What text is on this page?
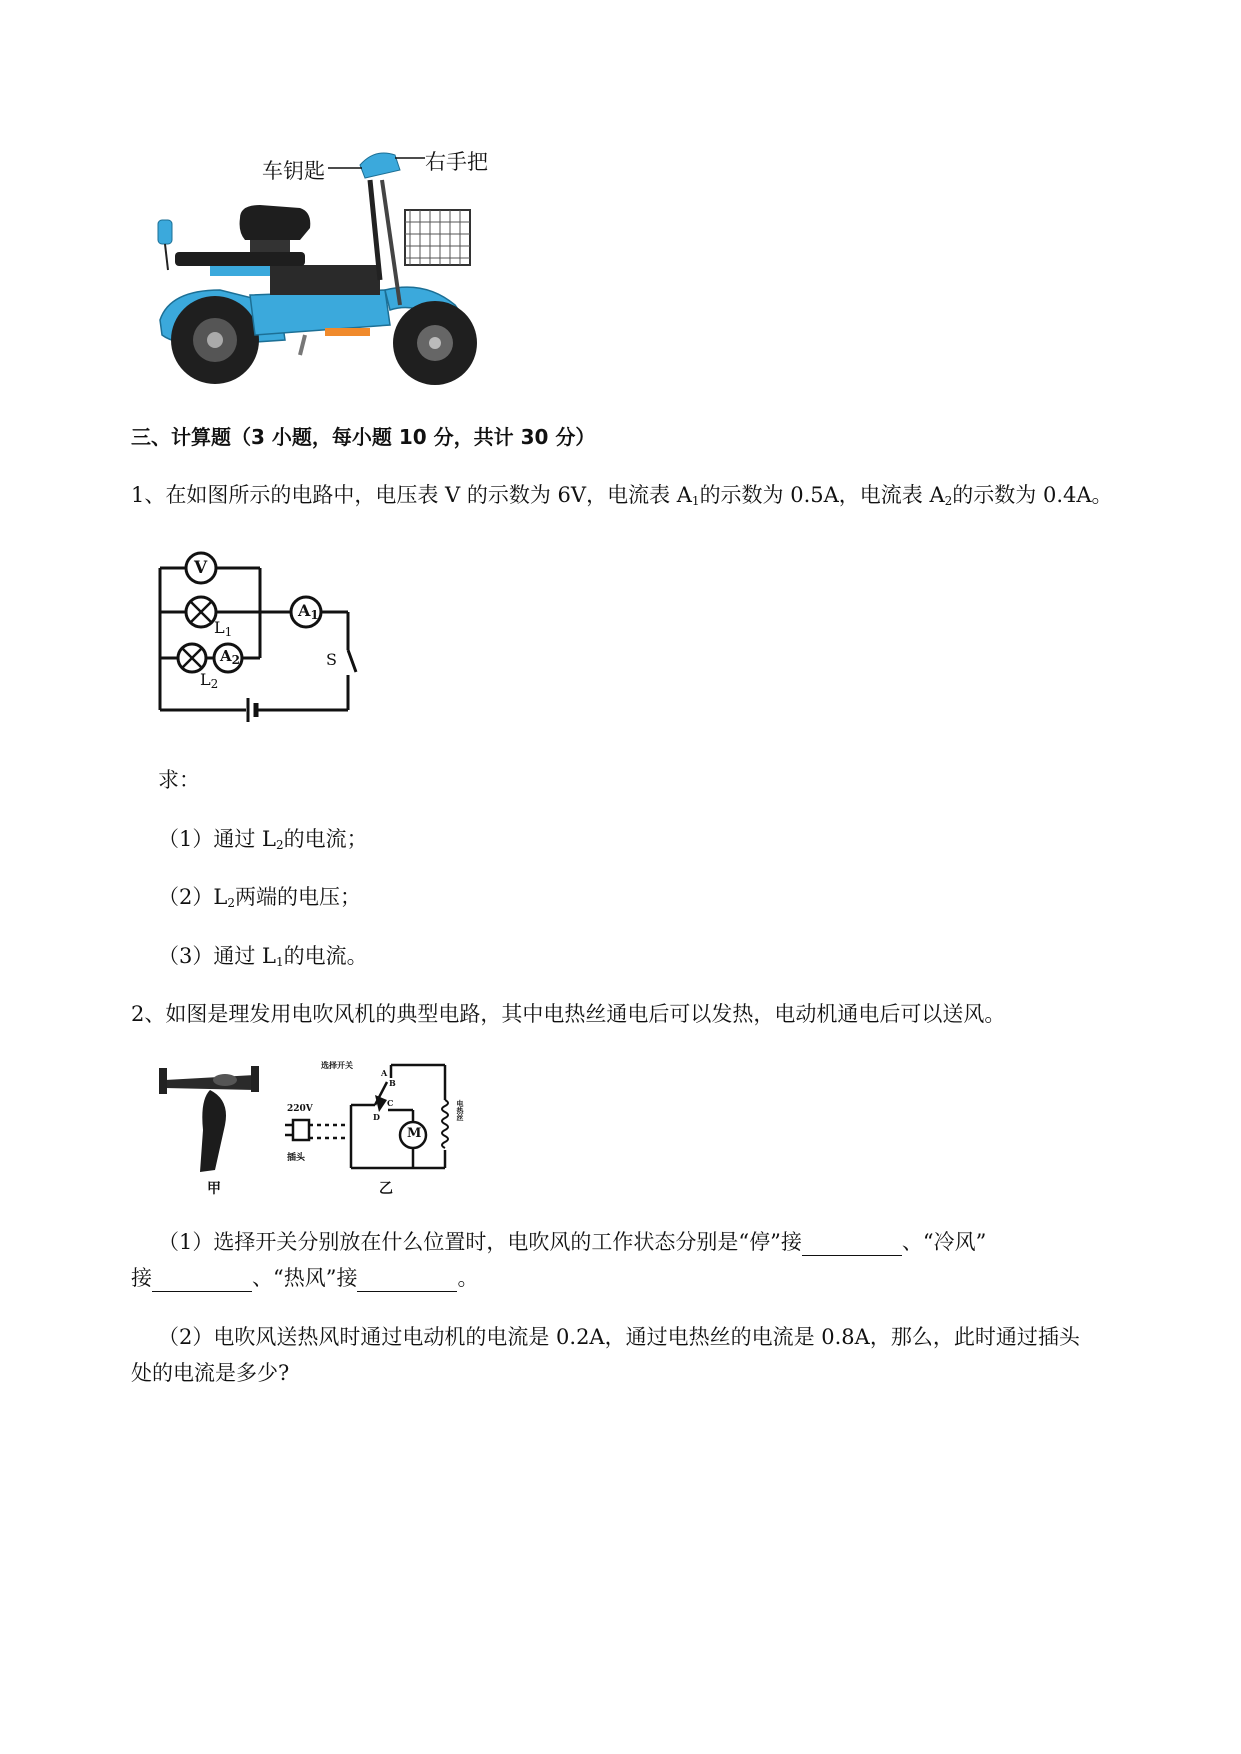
车钥匙	右手把
三、计算题（3 小题，每小题 10 分，共计 30 分）
1、在如图所示的电路中，电压表 V 的示数为 6V，电流表 $A_1$的示数为 0.5A，电流表 $A_2$的示数为 0.4A。
V
$A_1$
$A_2$
$L_1$
$L_2$
S
求：
（1）通过 $L_2$的电流；
$(2)L_2$两端的电压；
（3）通过 $L_1$的电流。
2、如图是理发用电吹风机的典型电路，其中电热丝通电后可以发热，电动机通电后可以送风。
甲
选择开关
220V
插头
M
电热丝
A
B
C
D
乙
（1）选择开关分别放在什么位置时，电吹风的工作状态分别是“停”接	、“冷风”
接	、“热风”接	。
（2）电吹风送热风时通过电动机的电流是 0.2A，通过电热丝的电流是 0.8A，那么，此时通过插头
处的电流是多少?
